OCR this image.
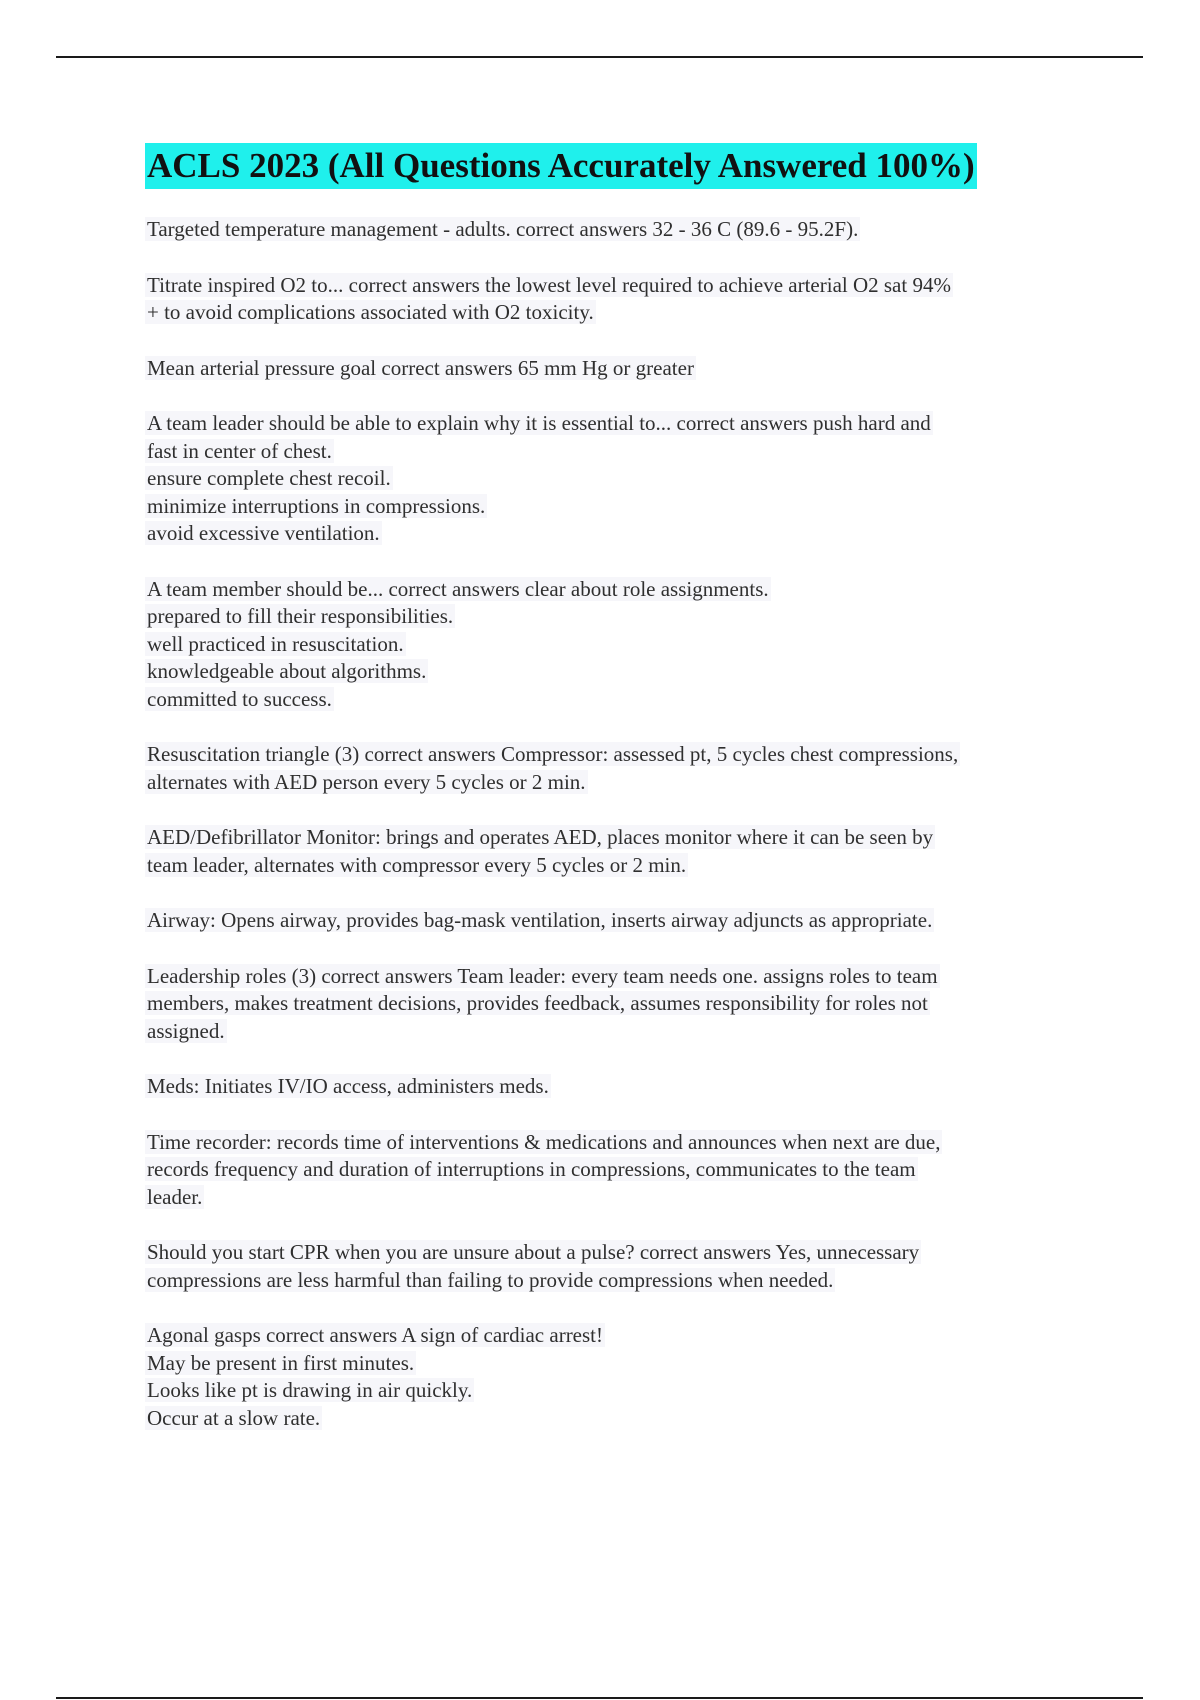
ACLS 2023 (All Questions Accurately Answered 100%)
Targeted temperature management - adults. correct answers 32 - 36 C (89.6 - 95.2F).
Titrate inspired O2 to... correct answers the lowest level required to achieve arterial O2 sat 94%
+ to avoid complications associated with O2 toxicity.
Mean arterial pressure goal correct answers 65 mm Hg or greater
A team leader should be able to explain why it is essential to... correct answers push hard and
fast in center of chest.
ensure complete chest recoil.
minimize interruptions in compressions.
avoid excessive ventilation.
A team member should be... correct answers clear about role assignments.
prepared to fill their responsibilities.
well practiced in resuscitation.
knowledgeable about algorithms.
committed to success.
Resuscitation triangle (3) correct answers Compressor: assessed pt, 5 cycles chest compressions,
alternates with AED person every 5 cycles or 2 min.
AED/Defibrillator Monitor: brings and operates AED, places monitor where it can be seen by
team leader, alternates with compressor every 5 cycles or 2 min.
Airway: Opens airway, provides bag-mask ventilation, inserts airway adjuncts as appropriate.
Leadership roles (3) correct answers Team leader: every team needs one. assigns roles to team
members, makes treatment decisions, provides feedback, assumes responsibility for roles not
assigned.
Meds: Initiates IV/IO access, administers meds.
Time recorder: records time of interventions & medications and announces when next are due,
records frequency and duration of interruptions in compressions, communicates to the team
leader.
Should you start CPR when you are unsure about a pulse? correct answers Yes, unnecessary
compressions are less harmful than failing to provide compressions when needed.
Agonal gasps correct answers A sign of cardiac arrest!
May be present in first minutes.
Looks like pt is drawing in air quickly.
Occur at a slow rate.
